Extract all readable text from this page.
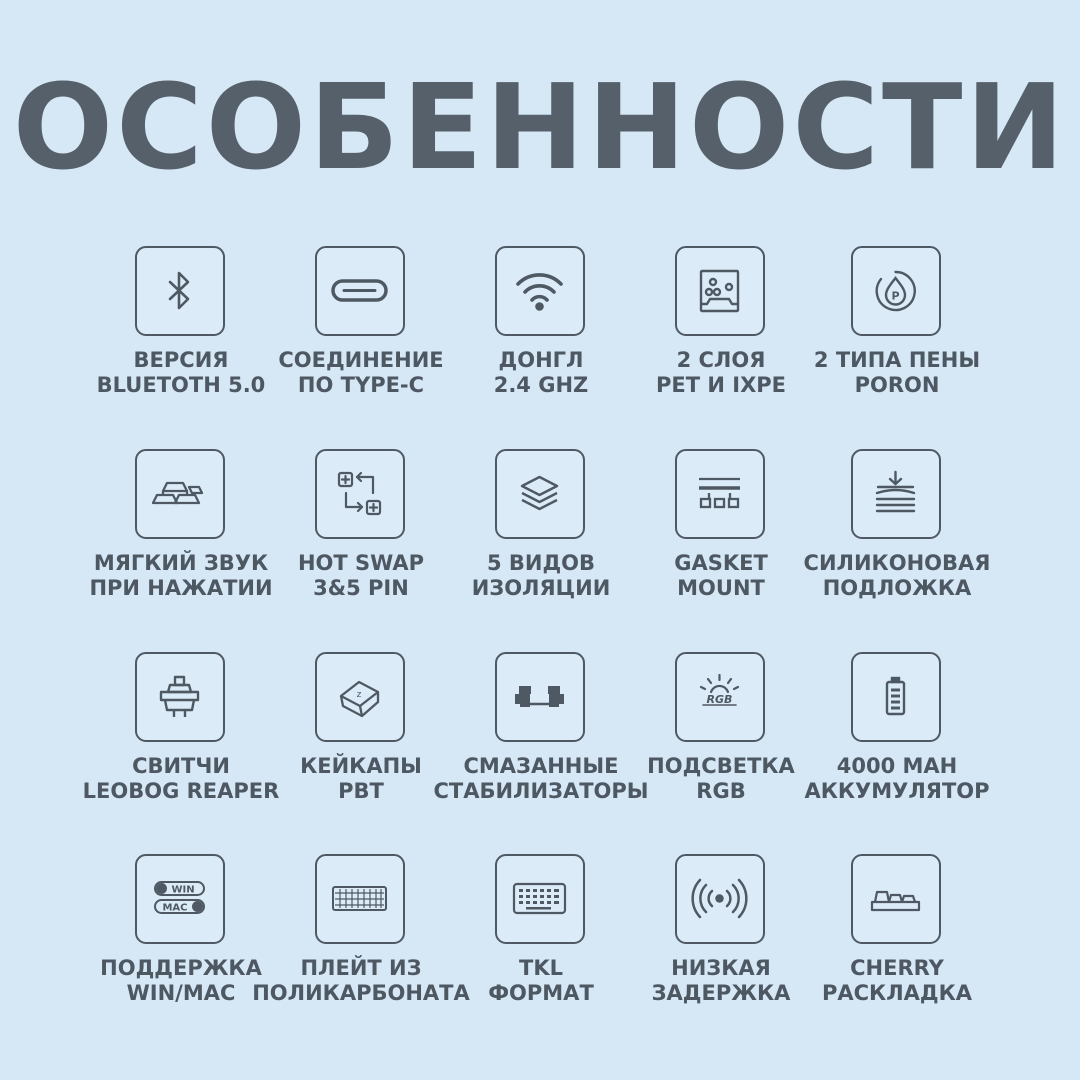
ОСОБЕННОСТИ
ВЕРСИЯ
BLUETOTH 5.0
СОЕДИНЕНИЕ
ПО TYPE-C
ДОНГЛ
2.4 GHZ
2 СЛОЯ
PET И IXPE
P
2 ТИПА ПЕНЫ
PORON
МЯГКИЙ ЗВУК
ПРИ НАЖАТИИ
HOT SWAP
3&5 PIN
5 ВИДОВ
ИЗОЛЯЦИИ
GASKET
MOUNT
СИЛИКОНОВАЯ
ПОДЛОЖКА
СВИТЧИ
LEOBOG REAPER
z
КЕЙКАПЫ
PBT
СМАЗАННЫЕ
СТАБИЛИЗАТОРЫ
RGB
ПОДСВЕТКА
RGB
4000 MAH
АККУМУЛЯТОР
WIN
MAC
ПОДДЕРЖКА
WIN/MAC
ПЛЕЙТ ИЗ
ПОЛИКАРБОНАТА
TKL
ФОРМАТ
НИЗКАЯ
ЗАДЕРЖКА
CHERRY
РАСКЛАДКА
